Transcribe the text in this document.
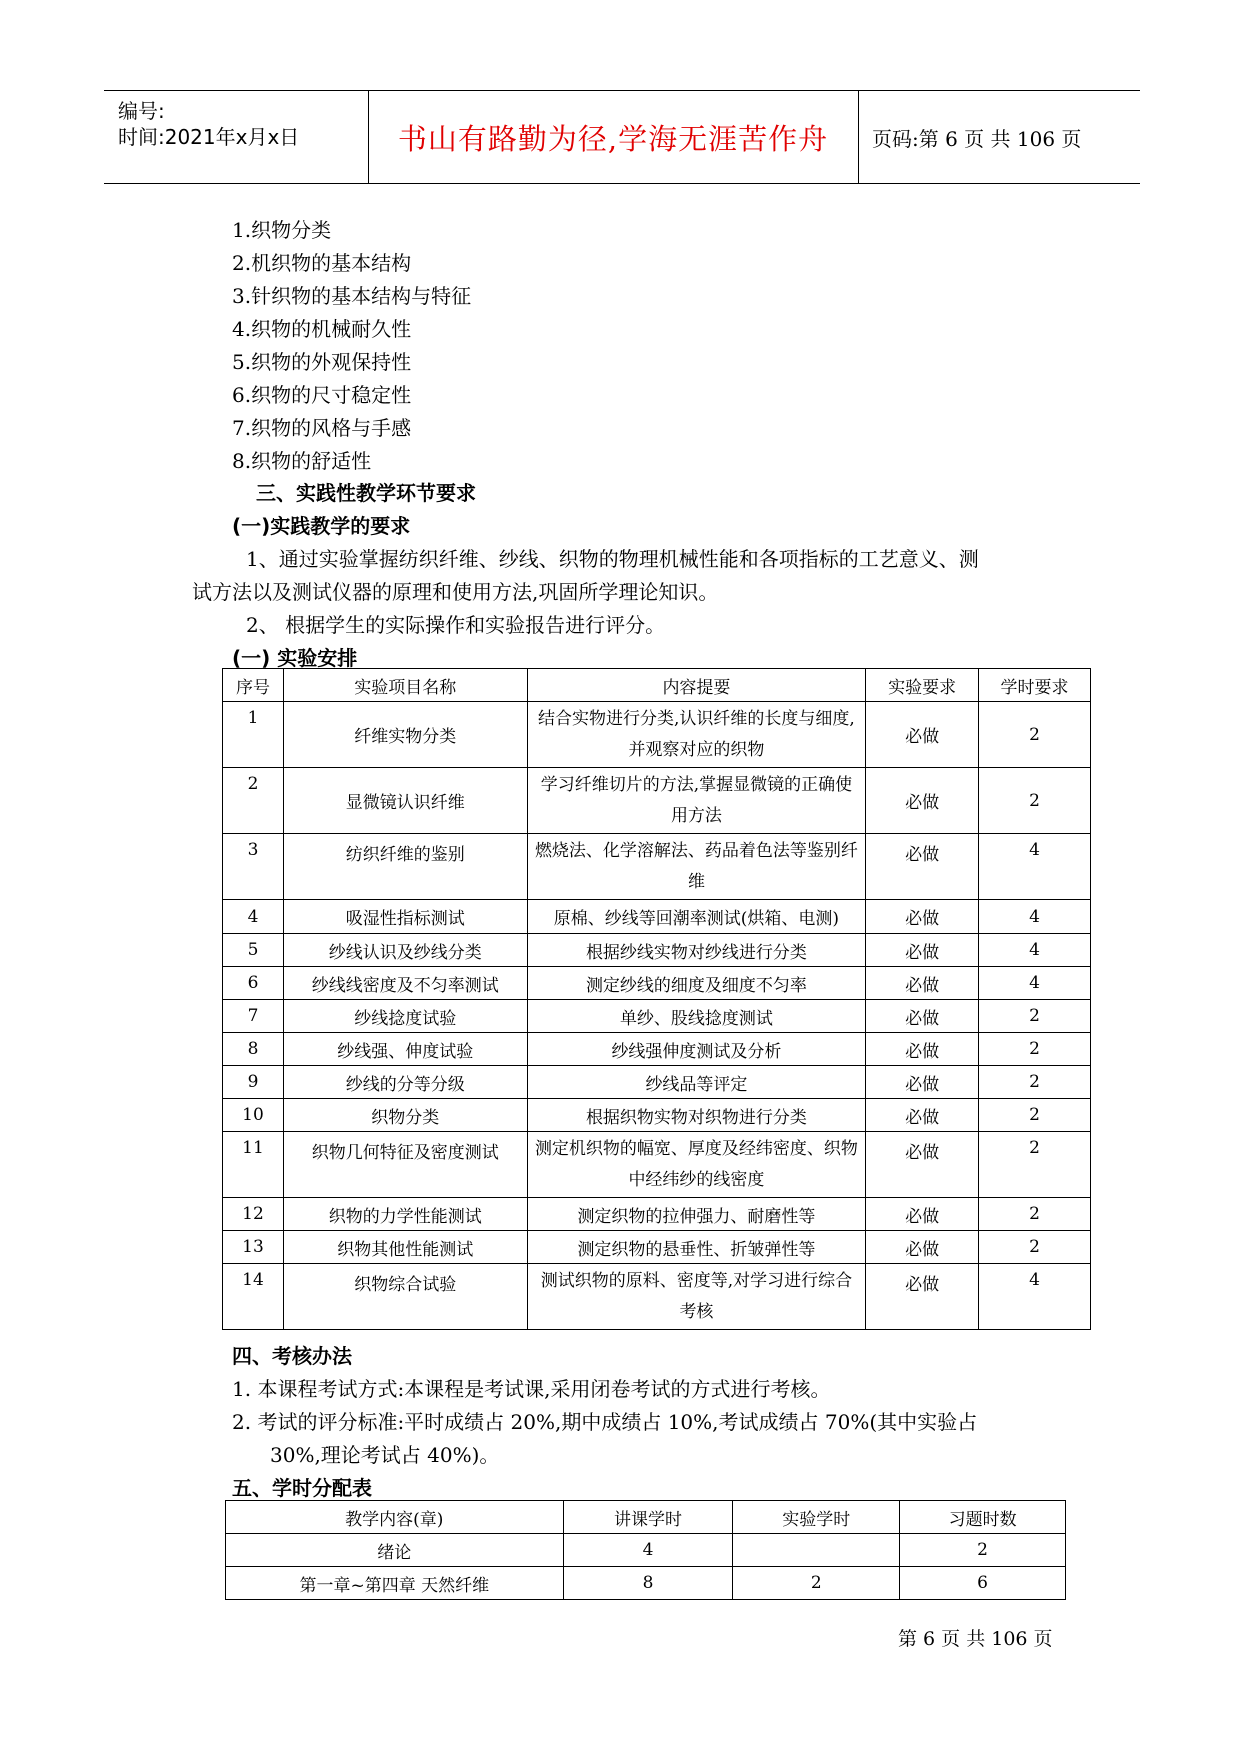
编号:
时间:2021年x月x日	书山有路勤为径,学海无涯苦作舟 页码:第 6 页 共 106 页
1.织物分类
2.机织物的基本结构
3.针织物的基本结构与特征
4.织物的机械耐久性
5.织物的外观保持性
6.织物的尺寸稳定性
7.织物的风格与手感
8.织物的舒适性
三、实践性教学环节要求
(一)实践教学的要求
1、通过实验掌握纺织纤维、纱线、织物的物理机械性能和各项指标的工艺意义、测
试方法以及测试仪器的原理和使用方法,巩固所学理论知识。
2、 根据学生的实际操作和实验报告进行评分。
(一) 实验安排
序号	实验项目名称	内容提要	实验要求	学时要求
1	纤维实物分类	结合实物进行分类,认识纤维的长度与细度,并观察对应的织物	必做	2
2	显微镜认识纤维	学习纤维切片的方法,掌握显微镜的正确使用方法	必做	2
3	纺织纤维的鉴别	燃烧法、化学溶解法、药品着色法等鉴别纤维	必做	4
4	吸湿性指标测试	原棉、纱线等回潮率测试(烘箱、电测)	必做	4
5	纱线认识及纱线分类	根据纱线实物对纱线进行分类	必做	4
6	纱线线密度及不匀率测试	测定纱线的细度及细度不匀率	必做	4
7	纱线捻度试验	单纱、股线捻度测试	必做	2
8	纱线强、伸度试验	纱线强伸度测试及分析	必做	2
9	纱线的分等分级	纱线品等评定	必做	2
10	织物分类	根据织物实物对织物进行分类	必做	2
11	织物几何特征及密度测试	测定机织物的幅宽、厚度及经纬密度、织物中经纬纱的线密度	必做	2
12	织物的力学性能测试	测定织物的拉伸强力、耐磨性等	必做	2
13	织物其他性能测试	测定织物的悬垂性、折皱弹性等	必做	2
14	织物综合试验	测试织物的原料、密度等,对学习进行综合考核	必做	4
四、考核办法
1. 本课程考试方式:本课程是考试课,采用闭卷考试的方式进行考核。
2. 考试的评分标准:平时成绩占 20%,期中成绩占 10%,考试成绩占 70%(其中实验占
30%,理论考试占 40%)。
五、学时分配表
教学内容(章)	讲课学时	实验学时	习题时数
绪论	4		2
第一章~第四章 天然纤维	8	2	6
第 6 页 共 106 页
